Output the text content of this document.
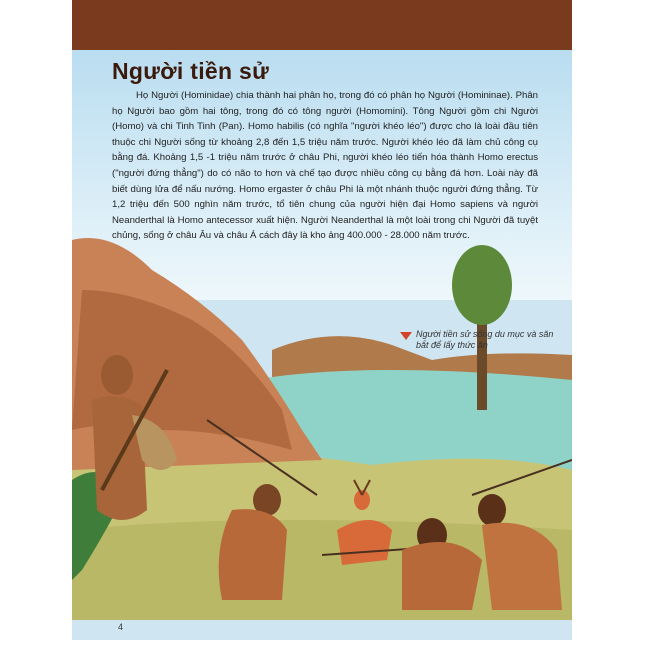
Người tiền sử

Họ Người (Hominidae) chia thành hai phân họ, trong đó có phân họ Người (Homininae). Phân họ Người bao gồm hai tông, trong đó có tông người (Homomini). Tông Người gồm chi Người (Homo) và chi Tinh Tinh (Pan). Homo habilis (có nghĩa "người khéo léo") được cho là loài đầu tiên thuộc chi Người sống từ khoảng 2,8 đến 1,5 triệu năm trước. Người khéo léo đã làm chủ công cụ bằng đá. Khoảng 1,5 -1 triệu năm trước ở châu Phi, người khéo léo tiến hóa thành Homo erectus ("người đứng thẳng") do có não to hơn và chế tạo được nhiều công cụ bằng đá hơn. Loài này đã biết dùng lửa để nấu nướng. Homo ergaster ở châu Phi là một nhánh thuộc người đứng thẳng. Từ 1,2 triệu đến 500 nghìn năm trước, tổ tiên chung của người hiện đại Homo sapiens và người Neanderthal là Homo antecessor xuất hiện. Người Neanderthal là một loài trong chi Người đã tuyệt chủng, sống ở châu Âu và châu Á cách đây là kho ảng 400.000 - 28.000 năm trước.

Người tiền sử sống du mục và săn bắt để lấy thức ăn
4
